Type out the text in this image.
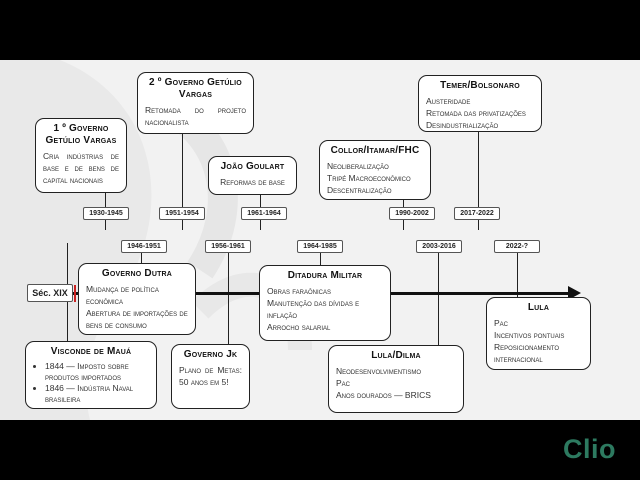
Séc. XIX
1930-1945	1951-1954	1961-1964	1990-2002	2017-2022
1946-1951	1956-1961	1964-1985	2003-2016	2022-?
1 º Governo Getúlio Vargas
Cria indústrias de base e de bens de capital nacionais
2 º Governo Getúlio Vargas
Retomada do projeto nacionalista
João Goulart
Reformas de base
Collor/Itamar/FHC
Neoliberalização
Tripé Macroeconômico
Descentralização
Temer/Bolsonaro
Austeridade
Retomada das privatizações
Desindustrialização
Governo Dutra
Mudança de política econômica
Abertura de importações de bens de consumo
Visconde de Mauá
• 1844 — Imposto sobre produtos importados
• 1846 — Indústria Naval brasileira
Governo Jk
Plano de Metas: 50 anos em 5!
Ditadura Militar
Obras faraônicas
Manutenção das dívidas e inflação
Arrocho salarial
Lula/Dilma
Neodesenvolvimentismo
Pac
Anos dourados — BRICS
Lula
Pac
Incentivos pontuais
Reposicionamento internacional
Clio
